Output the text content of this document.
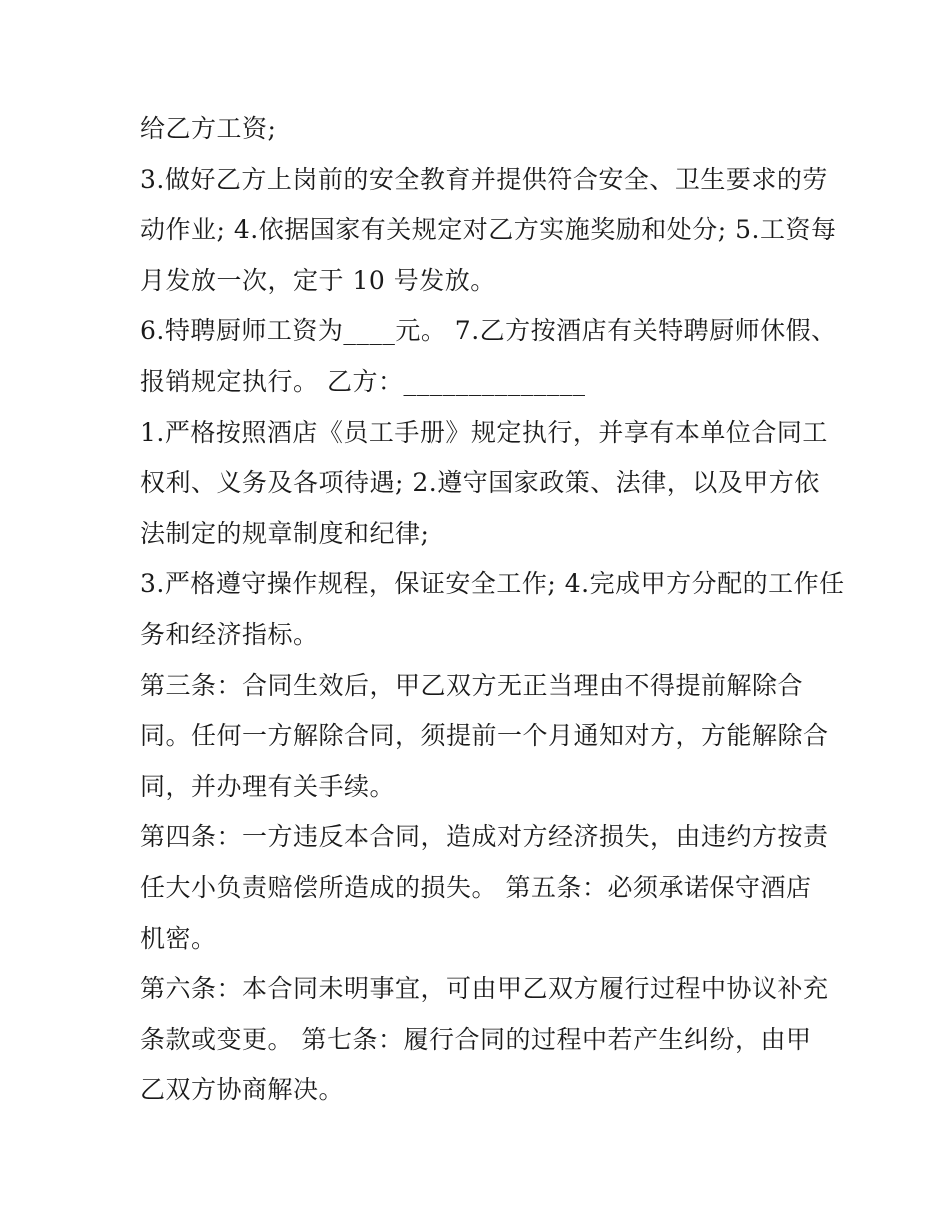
给乙方工资;
3.做好乙方上岗前的安全教育并提供符合安全、卫生要求的劳
动作业; 4.依据国家有关规定对乙方实施奖励和处分; 5.工资每
月发放一次，定于 10 号发放。
6.特聘厨师工资为____元。 7.乙方按酒店有关特聘厨师休假、
报销规定执行。 乙方：______________
1.严格按照酒店《员工手册》规定执行，并享有本单位合同工
权利、义务及各项待遇; 2.遵守国家政策、法律，以及甲方依
法制定的规章制度和纪律;
3.严格遵守操作规程，保证安全工作; 4.完成甲方分配的工作任
务和经济指标。
第三条：合同生效后，甲乙双方无正当理由不得提前解除合
同。任何一方解除合同，须提前一个月通知对方，方能解除合
同，并办理有关手续。
第四条：一方违反本合同，造成对方经济损失，由违约方按责
任大小负责赔偿所造成的损失。 第五条：必须承诺保守酒店
机密。
第六条：本合同未明事宜，可由甲乙双方履行过程中协议补充
条款或变更。 第七条：履行合同的过程中若产生纠纷，由甲
乙双方协商解决。
